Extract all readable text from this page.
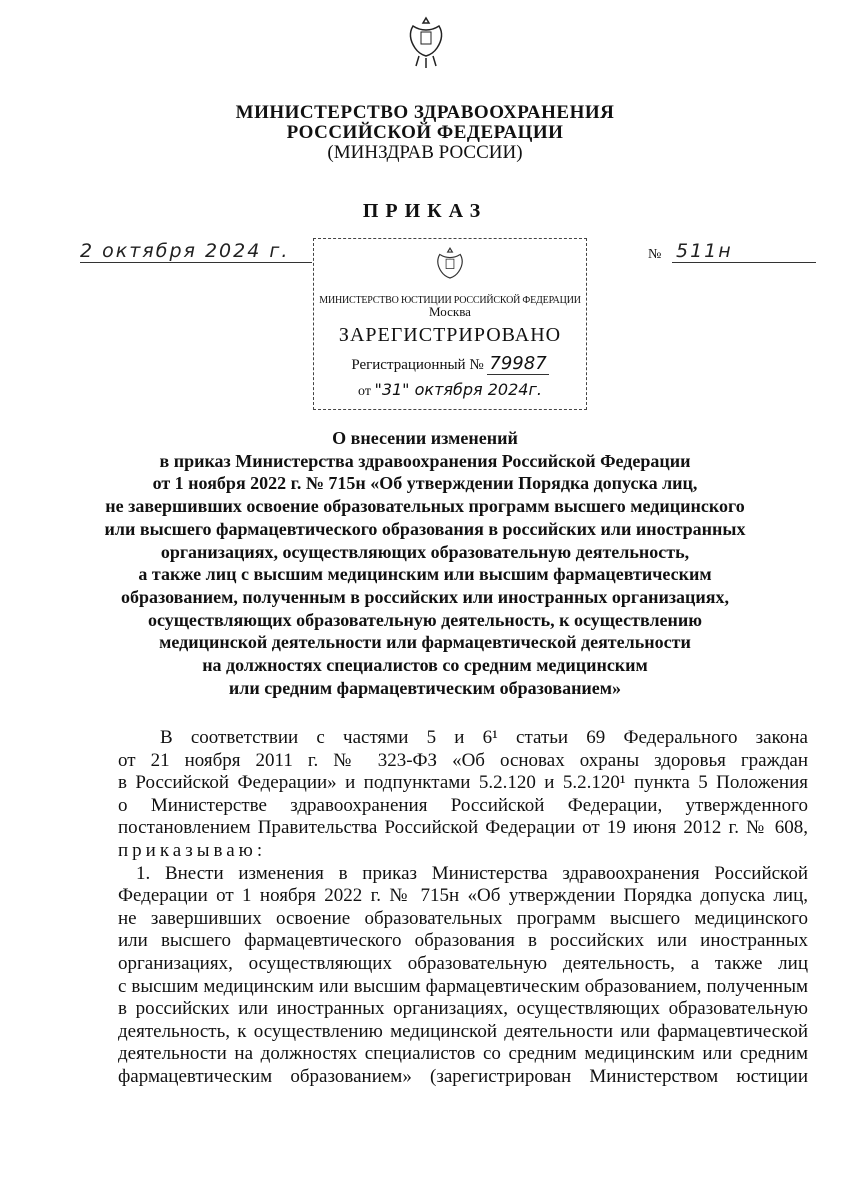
МИНИСТЕРСТВО ЗДРАВООХРАНЕНИЯ
РОССИЙСКОЙ ФЕДЕРАЦИИ
(МИНЗДРАВ РОССИИ)
ПРИКАЗ
2 октября 2024 г.	№ 511н
МИНИСТЕРСТВО ЮСТИЦИИ РОССИЙСКОЙ ФЕДЕРАЦИИ
Москва
ЗАРЕГИСТРИРОВАНО
Регистрационный № 79987
от "31" октября 2024г.
О внесении изменений
в приказ Министерства здравоохранения Российской Федерации
от 1 ноября 2022 г. № 715н «Об утверждении Порядка допуска лиц,
не завершивших освоение образовательных программ высшего медицинского
или высшего фармацевтического образования в российских или иностранных
организациях, осуществляющих образовательную деятельность,
а также лиц с высшим медицинским или высшим фармацевтическим
образованием, полученным в российских или иностранных организациях,
осуществляющих образовательную деятельность, к осуществлению
медицинской деятельности или фармацевтической деятельности
на должностях специалистов со средним медицинским
или средним фармацевтическим образованием»
В соответствии с частями 5 и 6¹ статьи 69 Федерального закона
от 21 ноября 2011 г. № 323-ФЗ «Об основах охраны здоровья граждан
в Российской Федерации» и подпунктами 5.2.120 и 5.2.120¹ пункта 5 Положения
о Министерстве здравоохранения Российской Федерации, утвержденного
постановлением Правительства Российской Федерации от 19 июня 2012 г. № 608,
приказываю:
1. Внести изменения в приказ Министерства здравоохранения Российской
Федерации от 1 ноября 2022 г. № 715н «Об утверждении Порядка допуска лиц,
не завершивших освоение образовательных программ высшего медицинского
или высшего фармацевтического образования в российских или иностранных
организациях, осуществляющих образовательную деятельность, а также лиц
с высшим медицинским или высшим фармацевтическим образованием, полученным
в российских или иностранных организациях, осуществляющих образовательную
деятельность, к осуществлению медицинской деятельности или фармацевтической
деятельности на должностях специалистов со средним медицинским или средним
фармацевтическим образованием» (зарегистрирован Министерством юстиции
